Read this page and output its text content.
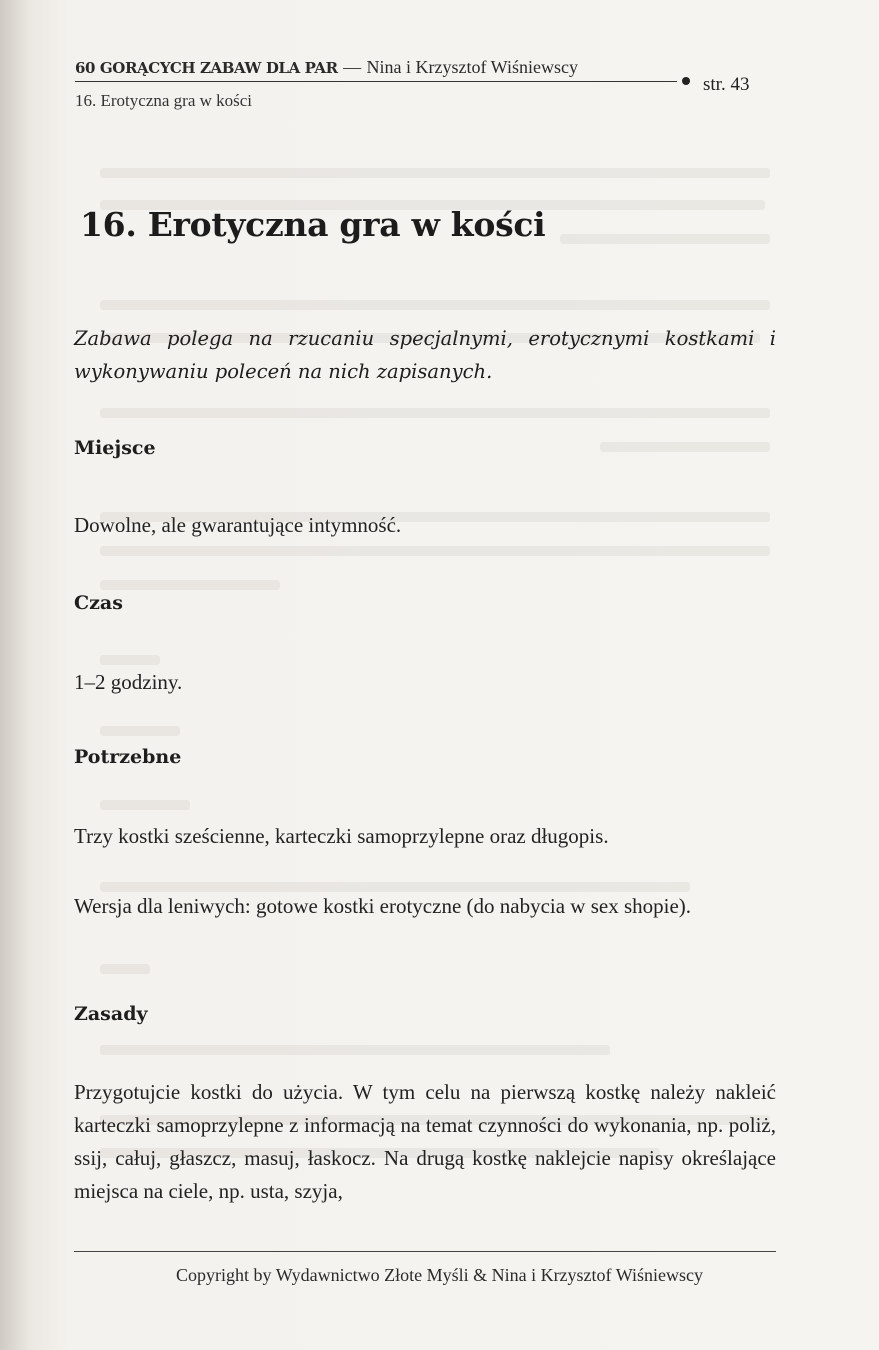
60 GORĄCYCH ZABAW DLA PAR — Nina i Krzysztof Wiśniewscy
str. 43
16. Erotyczna gra w kości
16. Erotyczna gra w kości

Zabawa polega na rzucaniu specjalnymi, erotycznymi kostkami i wykonywaniu poleceń na nich zapisanych.

Miejsce

Dowolne, ale gwarantujące intymność.

Czas

1–2 godziny.

Potrzebne

Trzy kostki sześcienne, karteczki samoprzylepne oraz długopis.

Wersja dla leniwych: gotowe kostki erotyczne (do nabycia w sex shopie).

Zasady

Przygotujcie kostki do użycia. W tym celu na pierwszą kostkę należy nakleić karteczki samoprzylepne z informacją na temat czynności do wykonania, np. poliż, ssij, całuj, głaszcz, masuj, łaskocz. Na drugą kostkę naklejcie napisy określające miejsca na ciele, np. usta, szyja,

Copyright by Wydawnictwo Złote Myśli & Nina i Krzysztof Wiśniewscy
